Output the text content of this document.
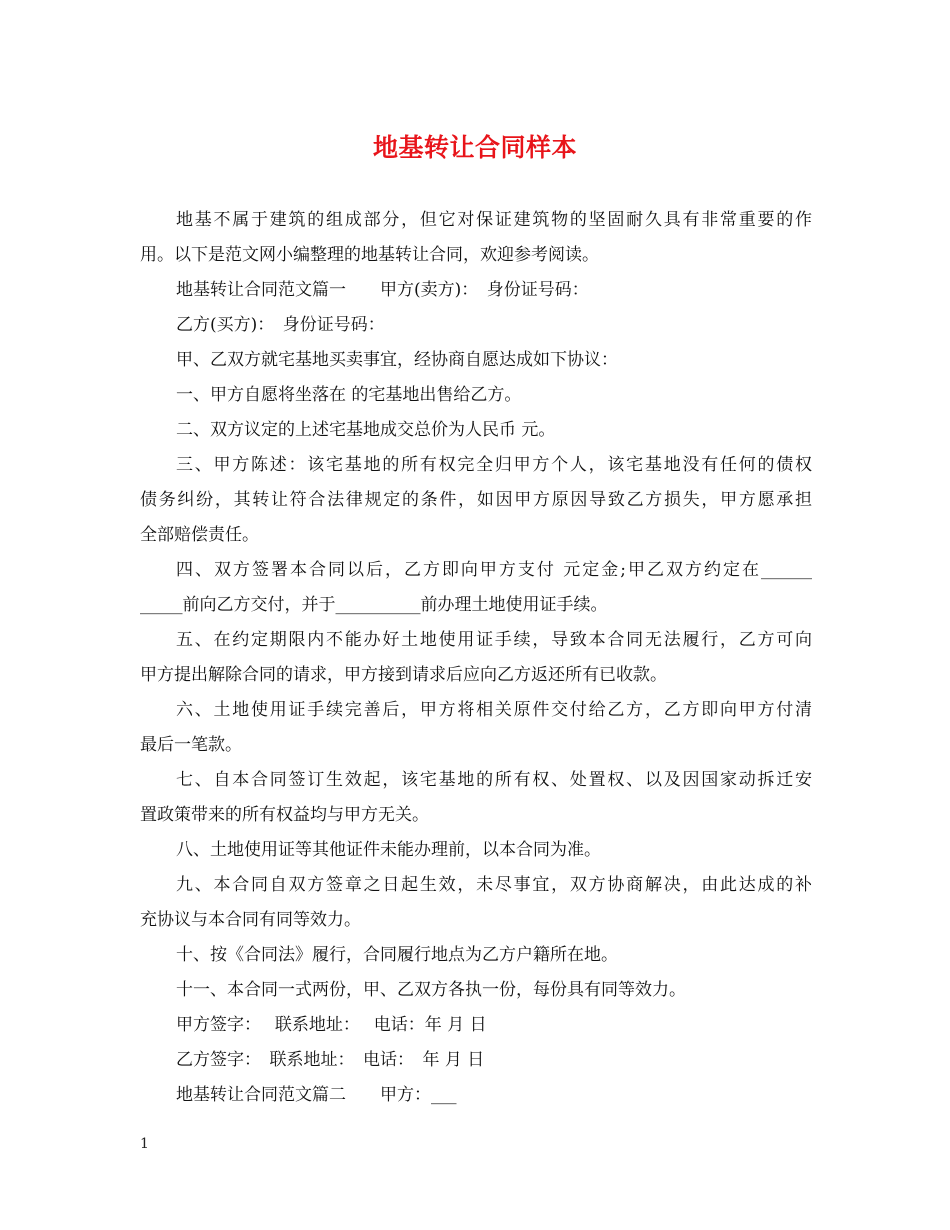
地基转让合同样本
地基不属于建筑的组成部分，但它对保证建筑物的坚固耐久具有非常重要的作
用。以下是范文网小编整理的地基转让合同，欢迎参考阅读。
地基转让合同范文篇一　　甲方(卖方)：　身份证号码：
乙方(买方)：　身份证号码：
甲、乙双方就宅基地买卖事宜，经协商自愿达成如下协议：
一、甲方自愿将坐落在 的宅基地出售给乙方。
二、双方议定的上述宅基地成交总价为人民币 元。
三、甲方陈述：该宅基地的所有权完全归甲方个人，该宅基地没有任何的债权
债务纠纷，其转让符合法律规定的条件，如因甲方原因导致乙方损失，甲方愿承担
全部赔偿责任。
四、双方签署本合同以后，乙方即向甲方支付 元定金;甲乙双方约定在______
_____前向乙方交付，并于__________前办理土地使用证手续。
五、在约定期限内不能办好土地使用证手续，导致本合同无法履行，乙方可向
甲方提出解除合同的请求，甲方接到请求后应向乙方返还所有已收款。
六、土地使用证手续完善后，甲方将相关原件交付给乙方，乙方即向甲方付清
最后一笔款。
七、自本合同签订生效起，该宅基地的所有权、处置权、以及因国家动拆迁安
置政策带来的所有权益均与甲方无关。
八、土地使用证等其他证件未能办理前，以本合同为准。
九、本合同自双方签章之日起生效，未尽事宜，双方协商解决，由此达成的补
充协议与本合同有同等效力。
十、按《合同法》履行，合同履行地点为乙方户籍所在地。
十一、本合同一式两份，甲、乙双方各执一份，每份具有同等效力。
甲方签字：　 联系地址：　 电话：年 月 日
乙方签字：　联系地址：　电话：　年 月 日
地基转让合同范文篇二　　甲方：___
1
